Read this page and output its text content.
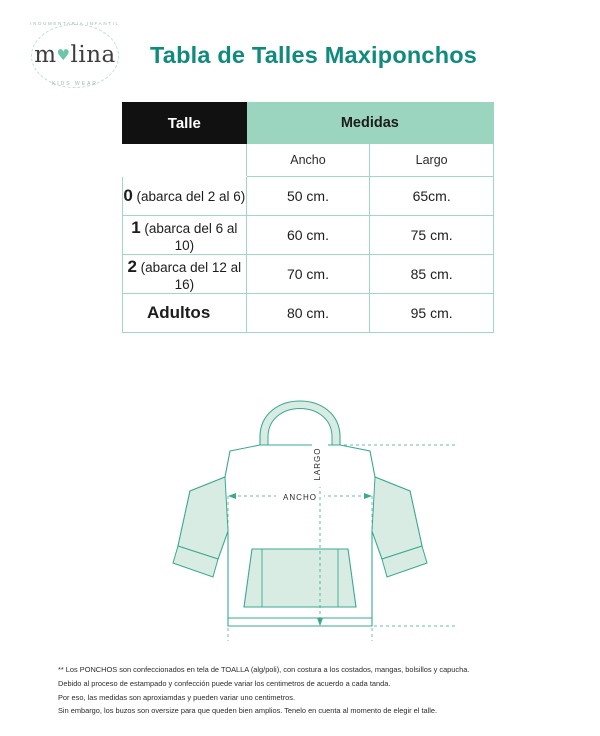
INDUMENTARIA INFANTIL
m♥lina
KIDS WEAR
Tabla de Talles Maxiponchos
Talle	Medidas	
	Ancho	Largo
0 (abarca del 2 al 6)	50 cm.	65cm.
1 (abarca del 6 al 10)	60 cm.	75 cm.
2 (abarca del 12 al 16)	70 cm.	85 cm.
Adultos	80 cm.	95 cm.
ANCHO
LARGO
** Los PONCHOS son confeccionados en tela de TOALLA (alg/poli), con costura a los costados, mangas, bolsillos y capucha.
Debido al proceso de estampado y confección puede variar los centimetros de acuerdo a cada tanda.
Por eso, las medidas son aproxiamdas y pueden variar uno centimetros.
Sin embargo, los buzos son oversize para que queden bien amplios. Tenelo en cuenta al momento de elegir el talle.
